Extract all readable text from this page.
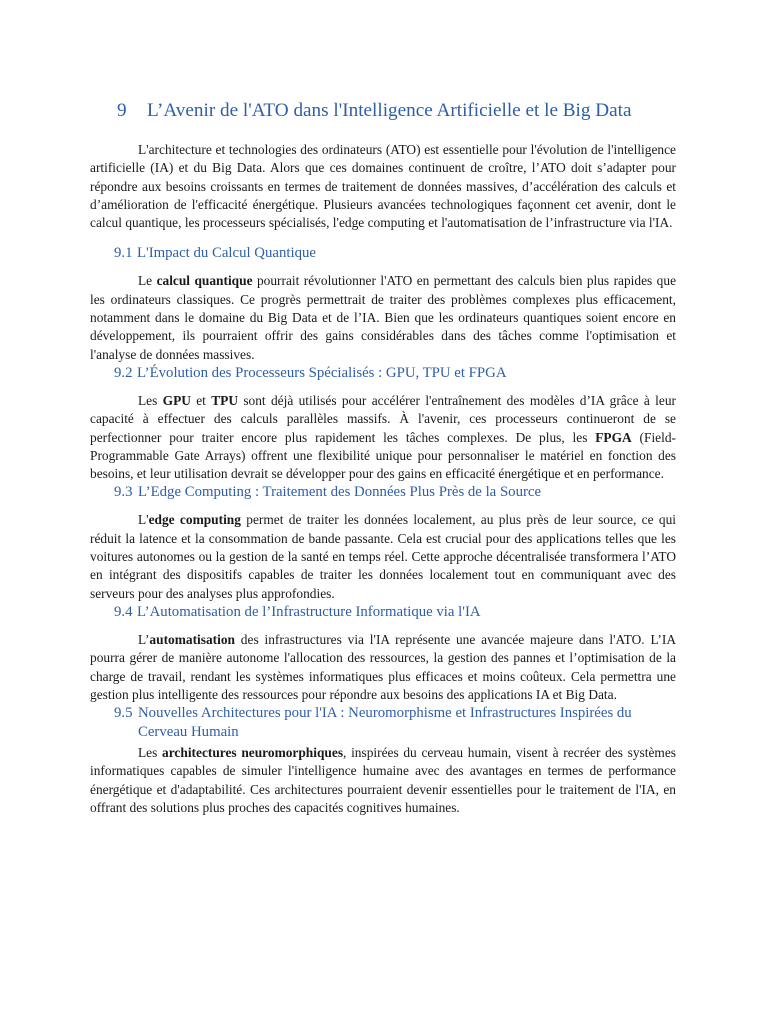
9 L’Avenir de l'ATO dans l'Intelligence Artificielle et le Big Data

L'architecture et technologies des ordinateurs (ATO) est essentielle pour l'évolution de l'intelligence artificielle (IA) et du Big Data. Alors que ces domaines continuent de croître, l’ATO doit s’adapter pour répondre aux besoins croissants en termes de traitement de données massives, d’accélération des calculs et d’amélioration de l'efficacité énergétique. Plusieurs avancées technologiques façonnent cet avenir, dont le calcul quantique, les processeurs spécialisés, l'edge computing et l'automatisation de l’infrastructure via l'IA.

9.1 L'Impact du Calcul Quantique

Le calcul quantique pourrait révolutionner l'ATO en permettant des calculs bien plus rapides que les ordinateurs classiques. Ce progrès permettrait de traiter des problèmes complexes plus efficacement, notamment dans le domaine du Big Data et de l’IA. Bien que les ordinateurs quantiques soient encore en développement, ils pourraient offrir des gains considérables dans des tâches comme l'optimisation et l'analyse de données massives.

9.2 L’Évolution des Processeurs Spécialisés : GPU, TPU et FPGA

Les GPU et TPU sont déjà utilisés pour accélérer l'entraînement des modèles d’IA grâce à leur capacité à effectuer des calculs parallèles massifs. À l'avenir, ces processeurs continueront de se perfectionner pour traiter encore plus rapidement les tâches complexes. De plus, les FPGA (Field-Programmable Gate Arrays) offrent une flexibilité unique pour personnaliser le matériel en fonction des besoins, et leur utilisation devrait se développer pour des gains en efficacité énergétique et en performance.

9.3 L’Edge Computing : Traitement des Données Plus Près de la Source

L'edge computing permet de traiter les données localement, au plus près de leur source, ce qui réduit la latence et la consommation de bande passante. Cela est crucial pour des applications telles que les voitures autonomes ou la gestion de la santé en temps réel. Cette approche décentralisée transformera l’ATO en intégrant des dispositifs capables de traiter les données localement tout en communiquant avec des serveurs pour des analyses plus approfondies.

9.4 L’Automatisation de l’Infrastructure Informatique via l'IA

L’automatisation des infrastructures via l'IA représente une avancée majeure dans l'ATO. L’IA pourra gérer de manière autonome l'allocation des ressources, la gestion des pannes et l’optimisation de la charge de travail, rendant les systèmes informatiques plus efficaces et moins coûteux. Cela permettra une gestion plus intelligente des ressources pour répondre aux besoins des applications IA et Big Data.

9.5 Nouvelles Architectures pour l'IA : Neuromorphisme et Infrastructures Inspirées du Cerveau Humain

Les architectures neuromorphiques, inspirées du cerveau humain, visent à recréer des systèmes informatiques capables de simuler l'intelligence humaine avec des avantages en termes de performance énergétique et d'adaptabilité. Ces architectures pourraient devenir essentielles pour le traitement de l'IA, en offrant des solutions plus proches des capacités cognitives humaines.
